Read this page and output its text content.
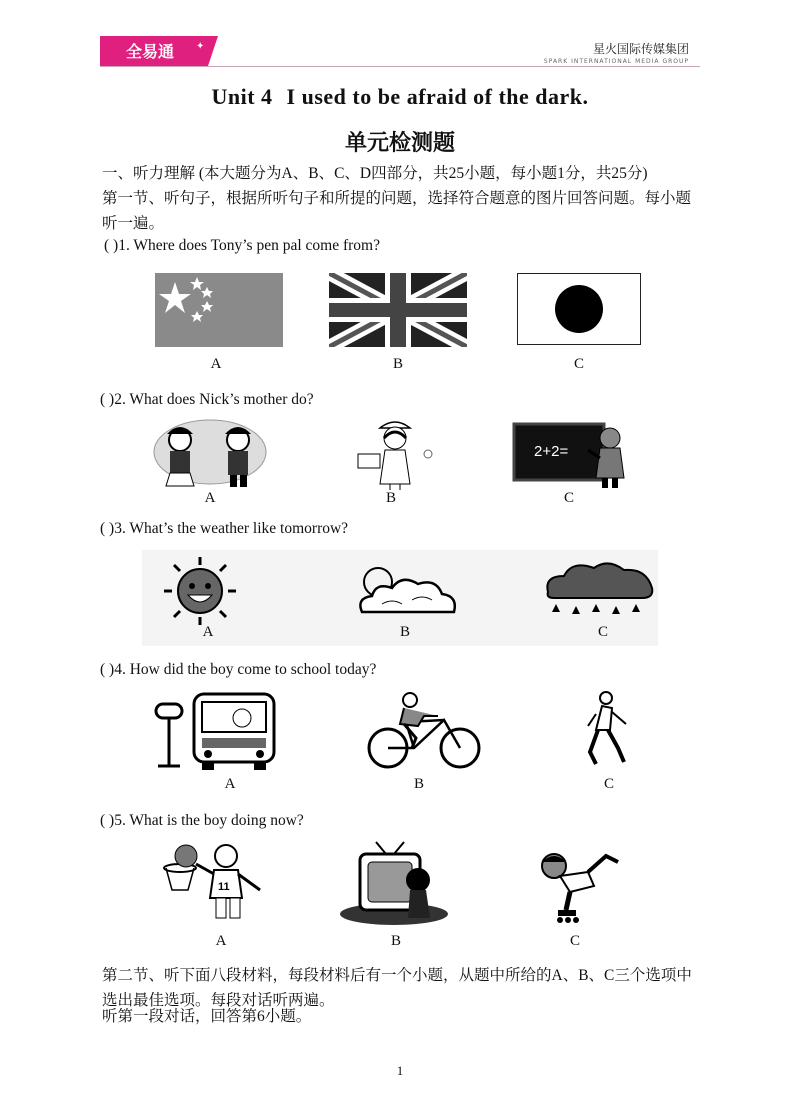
全易通 ✦	星火国际传媒集团
SPARK INTERNATIONAL MEDIA GROUP
Unit 4 I used to be afraid of the dark.
单元检测题
一、听力理解 (本大题分为A、B、C、D四部分，共25小题，每小题1分，共25分)
第一节、听句子，根据所听句子和所提的问题，选择符合题意的图片回答问题。每小题听一遍。
( )1. Where does Tony’s pen pal come from?
A	B	C
( )2. What does Nick’s mother do?
2+2=
A	B	C
( )3. What’s the weather like tomorrow?
A	B	C
( )4. How did the boy come to school today?
A	B	C
( )5. What is the boy doing now?
11
A	B	C
第二节、听下面八段材料，每段材料后有一个小题，从题中所给的A、B、C三个选项中选出最佳选项。每段对话听两遍。
听第一段对话，回答第6小题。
1
